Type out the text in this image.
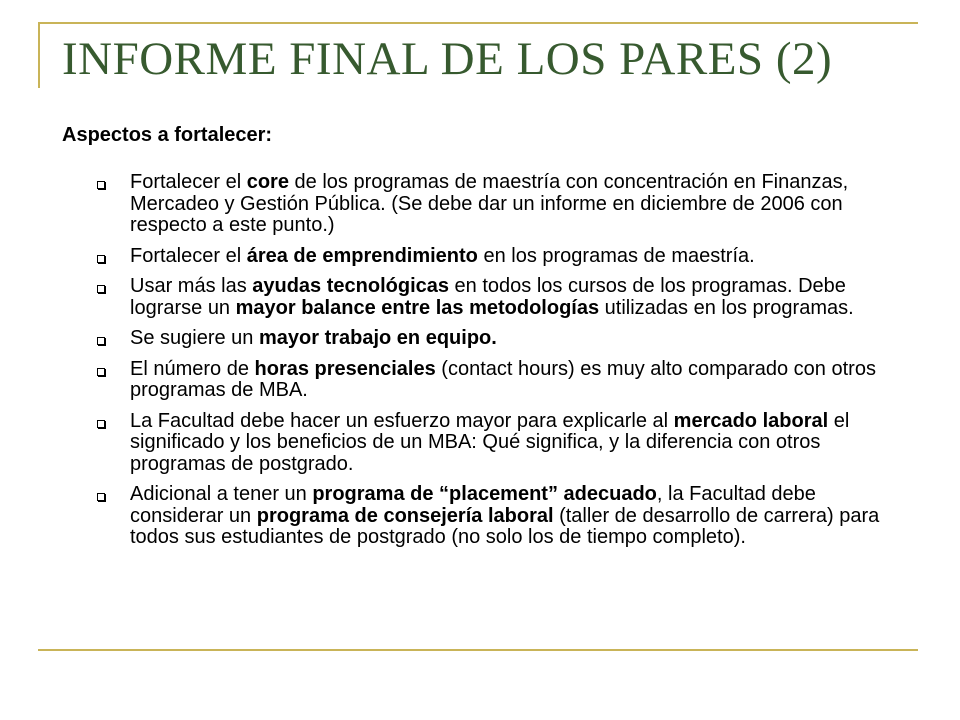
INFORME FINAL DE LOS PARES (2)
Aspectos a fortalecer:
Fortalecer el core de los programas de maestría con concentración en Finanzas, Mercadeo y Gestión Pública. (Se debe dar un informe en diciembre de 2006 con respecto a este punto.)
Fortalecer el área de emprendimiento en los programas de maestría.
Usar más las ayudas tecnológicas en todos los cursos de los programas. Debe lograrse un mayor balance entre las metodologías utilizadas en los programas.
Se sugiere un mayor trabajo en equipo.
El número de horas presenciales (contact hours) es muy alto comparado con otros programas de MBA.
La Facultad debe hacer un esfuerzo mayor para explicarle al mercado laboral el significado y los beneficios de un MBA: Qué significa, y la diferencia con otros programas de postgrado.
Adicional a tener un programa de “placement” adecuado, la Facultad debe considerar un programa de consejería laboral (taller de desarrollo de carrera) para todos sus estudiantes de postgrado (no solo los de tiempo completo).
